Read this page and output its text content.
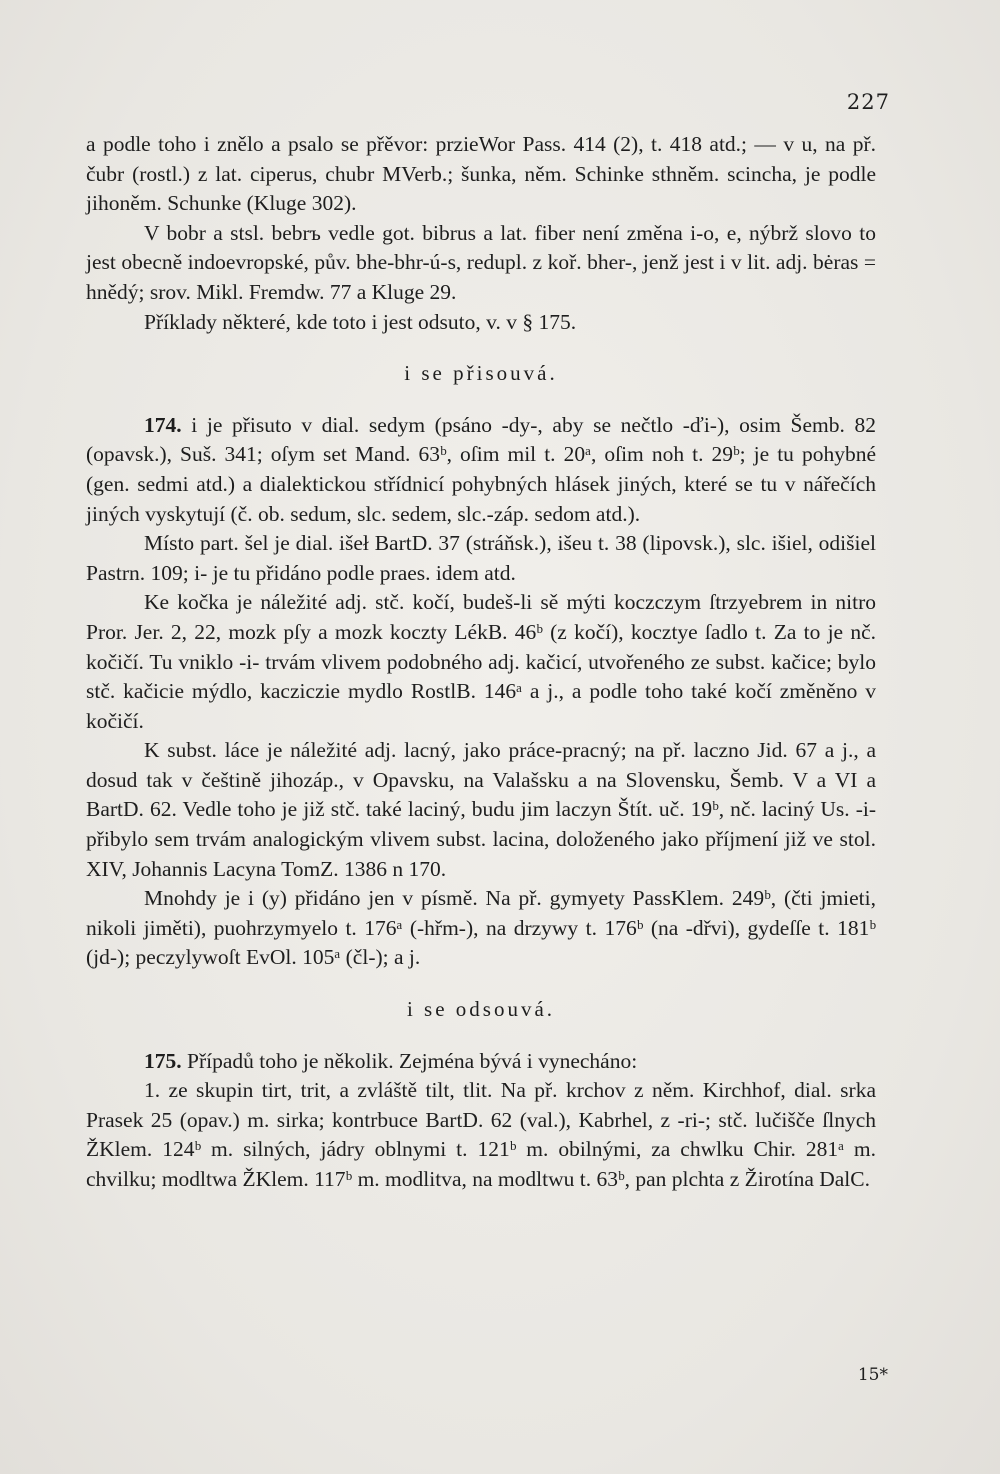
227

a podle toho i znělo a psalo se přěvor: przieWor Pass. 414 (2), t. 418 atd.; — v u, na př. čubr (rostl.) z lat. ciperus, chubr MVerb.; šunka, něm. Schinke sthněm. scincha, je podle jihoněm. Schunke (Kluge 302).

V bobr a stsl. bebrъ vedle got. bibrus a lat. fiber není změna i-o, e, nýbrž slovo to jest obecně indoevropské, pův. bhe-bhr-ú-s, redupl. z koř. bher-, jenž jest i v lit. adj. bėras = hnědý; srov. Mikl. Fremdw. 77 a Kluge 29.

Příklady některé, kde toto i jest odsuto, v. v § 175.

i se přisouvá.

174. i je přisuto v dial. sedym (psáno -dy-, aby se nečtlo -ďi-), osim Šemb. 82 (opavsk.), Suš. 341; oſym set Mand. 63ᵇ, oſim mil t. 20ᵃ, oſim noh t. 29ᵇ; je tu pohybné (gen. sedmi atd.) a dialektickou střídnicí pohybných hlásek jiných, které se tu v nářečích jiných vyskytují (č. ob. sedum, slc. sedem, slc.-záp. sedom atd.).

Místo part. šel je dial. išeł BartD. 37 (stráňsk.), išeu t. 38 (lipovsk.), slc. išiel, odišiel Pastrn. 109; i- je tu přidáno podle praes. idem atd.

Ke kočka je náležité adj. stč. kočí, budeš-li sě mýti koczczym ſtrzyebrem in nitro Pror. Jer. 2, 22, mozk pſy a mozk koczty LékB. 46ᵇ (z kočí), kocztye ſadlo t. Za to je nč. kočičí. Tu vniklo -i- trvám vlivem podobného adj. kačicí, utvořeného ze subst. kačice; bylo stč. kačicie mýdlo, kacziczie mydlo RostlB. 146ᵃ a j., a podle toho také kočí změněno v kočičí.

K subst. láce je náležité adj. lacný, jako práce-pracný; na př. laczno Jid. 67 a j., a dosud tak v češtině jihozáp., v Opavsku, na Valašsku a na Slovensku, Šemb. V a VI a BartD. 62. Vedle toho je již stč. také laciný, budu jim laczyn Štít. uč. 19ᵇ, nč. laciný Us. -i- přibylo sem trvám analogickým vlivem subst. lacina, doloženého jako příjmení již ve stol. XIV, Johannis Lacyna TomZ. 1386 n 170.

Mnohdy je i (y) přidáno jen v písmě. Na př. gymyety PassKlem. 249ᵇ, (čti jmieti, nikoli jiměti), puohrzymyelo t. 176ᵃ (-hřm-), na drzywy t. 176ᵇ (na -dřvi), gydeſſe t. 181ᵇ (jd-); peczylywoſt EvOl. 105ᵃ (čl-); a j.

i se odsouvá.

175. Případů toho je několik. Zejména bývá i vynecháno:

1. ze skupin tirt, trit, a zvláště tilt, tlit. Na př. krchov z něm. Kirchhof, dial. srka Prasek 25 (opav.) m. sirka; kontrbuce BartD. 62 (val.), Kabrhel, z -ri-; stč. lučišče ſlnych ŽKlem. 124ᵇ m. silných, jádry oblnymi t. 121ᵇ m. obilnými, za chwlku Chir. 281ᵃ m. chvilku; modltwa ŽKlem. 117ᵇ m. modlitva, na modltwu t. 63ᵇ, pan plchta z Žirotína DalC.

15*
